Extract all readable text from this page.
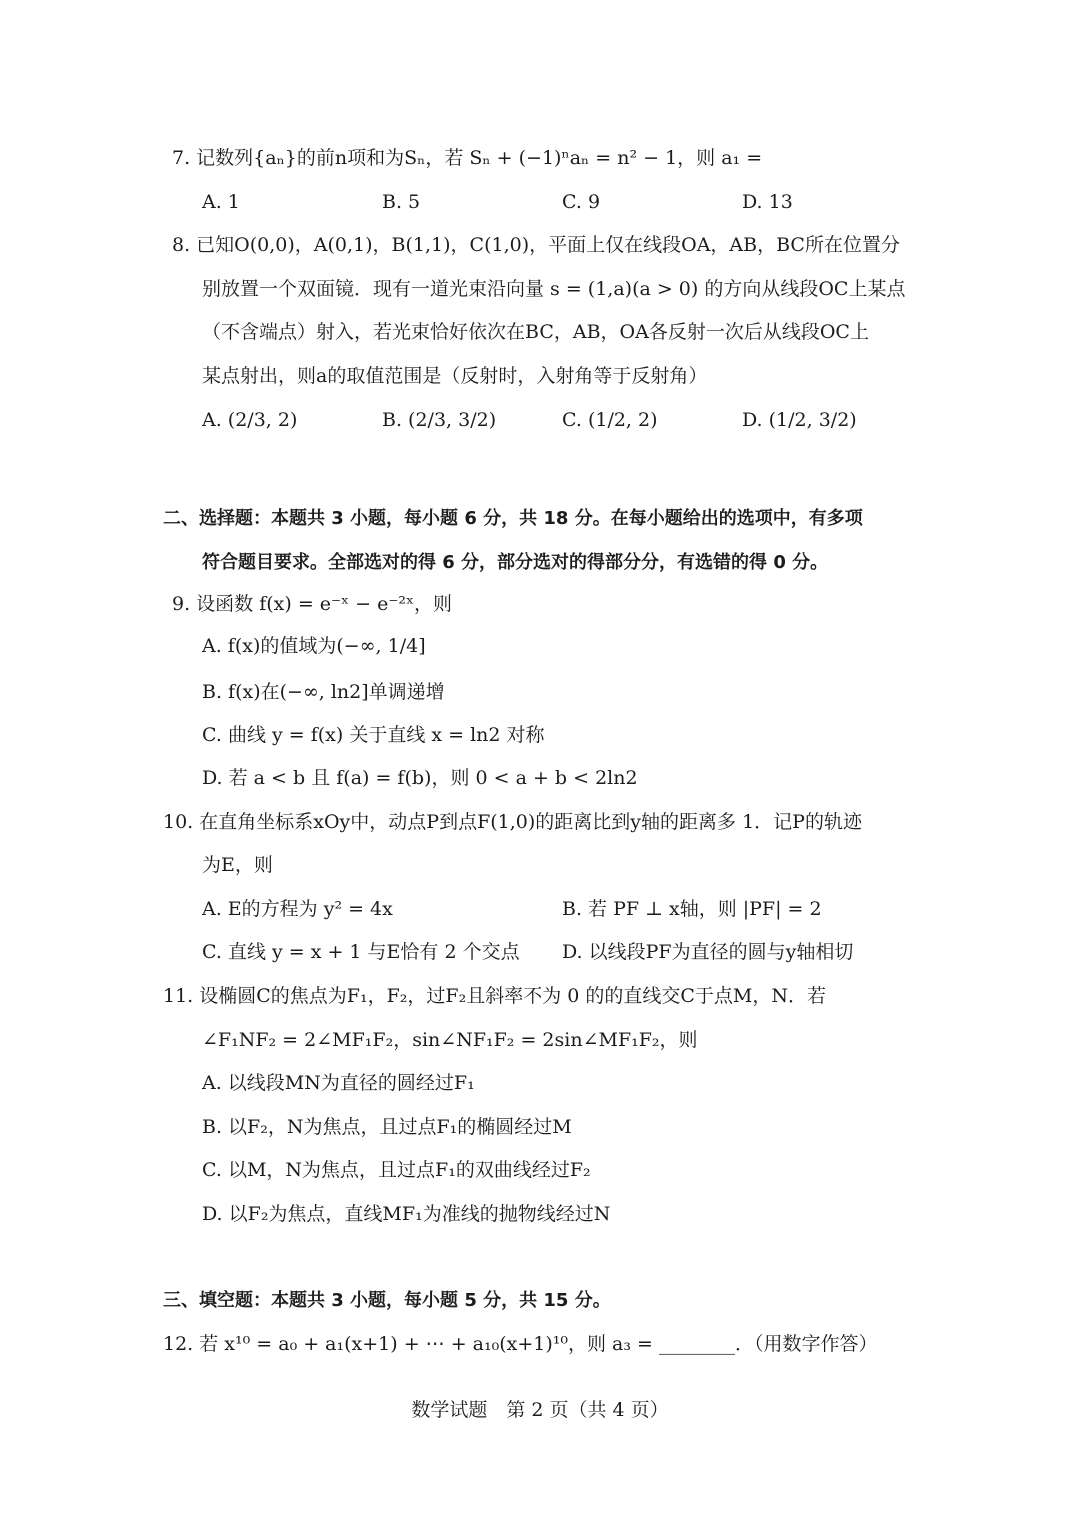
7. 记数列{aₙ}的前n项和为Sₙ，若 Sₙ + (−1)ⁿaₙ = n² − 1，则 a₁ =
A. 1	B. 5	C. 9	D. 13
8. 已知O(0,0)，A(0,1)，B(1,1)，C(1,0)，平面上仅在线段OA，AB，BC所在位置分
别放置一个双面镜．现有一道光束沿向量 s = (1,a)(a > 0) 的方向从线段OC上某点
（不含端点）射入，若光束恰好依次在BC，AB，OA各反射一次后从线段OC上
某点射出，则a的取值范围是（反射时，入射角等于反射角）
A. (2/3, 2)	B. (2/3, 3/2)	C. (1/2, 2)	D. (1/2, 3/2)
二、选择题：本题共 3 小题，每小题 6 分，共 18 分。在每小题给出的选项中，有多项
符合题目要求。全部选对的得 6 分，部分选对的得部分分，有选错的得 0 分。
9. 设函数 f(x) = e⁻ˣ − e⁻²ˣ，则
A. f(x)的值域为(−∞, 1/4]
B. f(x)在(−∞, ln2]单调递增
C. 曲线 y = f(x) 关于直线 x = ln2 对称
D. 若 a < b 且 f(a) = f(b)，则 0 < a + b < 2ln2
10. 在直角坐标系xOy中，动点P到点F(1,0)的距离比到y轴的距离多 1．记P的轨迹
为E，则
A. E的方程为 y² = 4x	B. 若 PF ⊥ x轴，则 |PF| = 2
C. 直线 y = x + 1 与E恰有 2 个交点 D. 以线段PF为直径的圆与y轴相切
11. 设椭圆C的焦点为F₁，F₂，过F₂且斜率不为 0 的的直线交C于点M，N．若
∠F₁NF₂ = 2∠MF₁F₂，sin∠NF₁F₂ = 2sin∠MF₁F₂，则
A. 以线段MN为直径的圆经过F₁
B. 以F₂，N为焦点，且过点F₁的椭圆经过M
C. 以M，N为焦点，且过点F₁的双曲线经过F₂
D. 以F₂为焦点，直线MF₁为准线的抛物线经过N
三、填空题：本题共 3 小题，每小题 5 分，共 15 分。
12. 若 x¹⁰ = a₀ + a₁(x+1) + ⋯ + a₁₀(x+1)¹⁰，则 a₃ = ________．（用数字作答）
数学试题　第 2 页（共 4 页）
